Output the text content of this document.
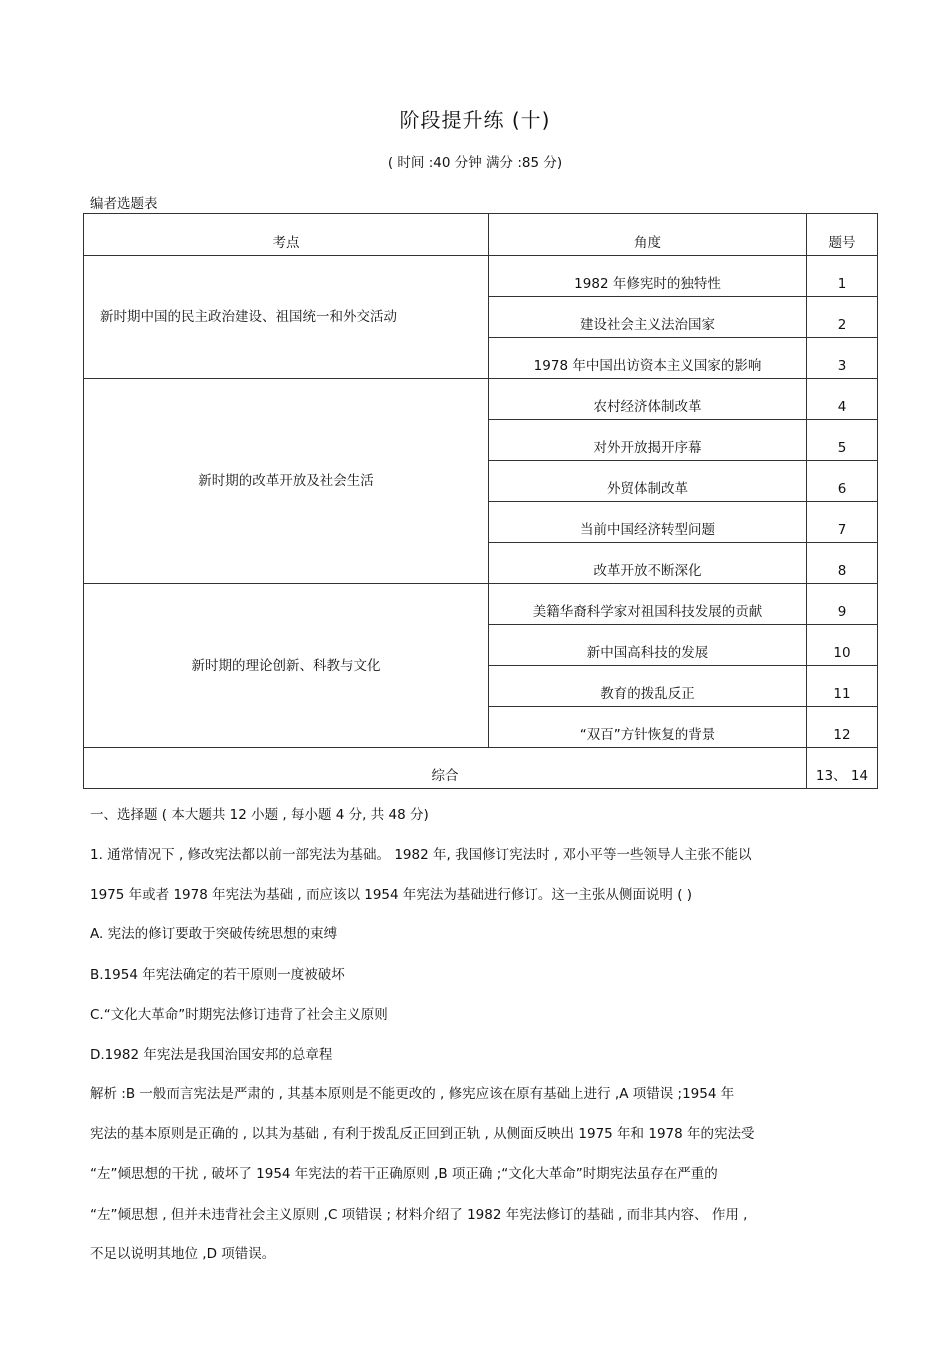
阶段提升练 (十)
( 时间 :40 分钟 满分 :85 分)
编者选题表
考点	角度	题号
新时期中国的民主政治建设、祖国统一和外交活动	1982 年修宪时的独特性	1
	建设社会主义法治国家	2
	1978 年中国出访资本主义国家的影响	3
新时期的改革开放及社会生活	农村经济体制改革	4
	对外开放揭开序幕	5
	外贸体制改革	6
	当前中国经济转型问题	7
	改革开放不断深化	8
新时期的理论创新、科教与文化	美籍华裔科学家对祖国科技发展的贡献	9
	新中国高科技的发展	10
	教育的拨乱反正	11
	“双百”方针恢复的背景	12
综合		13、 14
一、选择题 ( 本大题共 12 小题 , 每小题 4 分, 共 48 分)
1. 通常情况下 , 修改宪法都以前一部宪法为基础。 1982 年, 我国修订宪法时 , 邓小平等一些领导人主张不能以
1975 年或者 1978 年宪法为基础 , 而应该以 1954 年宪法为基础进行修订。这一主张从侧面说明 ( )
A. 宪法的修订要敢于突破传统思想的束缚
B.1954 年宪法确定的若干原则一度被破坏
C.“文化大革命”时期宪法修订违背了社会主义原则
D.1982 年宪法是我国治国安邦的总章程
解析 :B 一般而言宪法是严肃的 , 其基本原则是不能更改的 , 修宪应该在原有基础上进行 ,A 项错误 ;1954 年
宪法的基本原则是正确的 , 以其为基础 , 有利于拨乱反正回到正轨 , 从侧面反映出 1975 年和 1978 年的宪法受
“左”倾思想的干扰 , 破坏了 1954 年宪法的若干正确原则 ,B 项正确 ;“文化大革命”时期宪法虽存在严重的
“左”倾思想 , 但并未违背社会主义原则 ,C 项错误 ; 材料介绍了 1982 年宪法修订的基础 , 而非其内容、 作用 ,
不足以说明其地位 ,D 项错误。
